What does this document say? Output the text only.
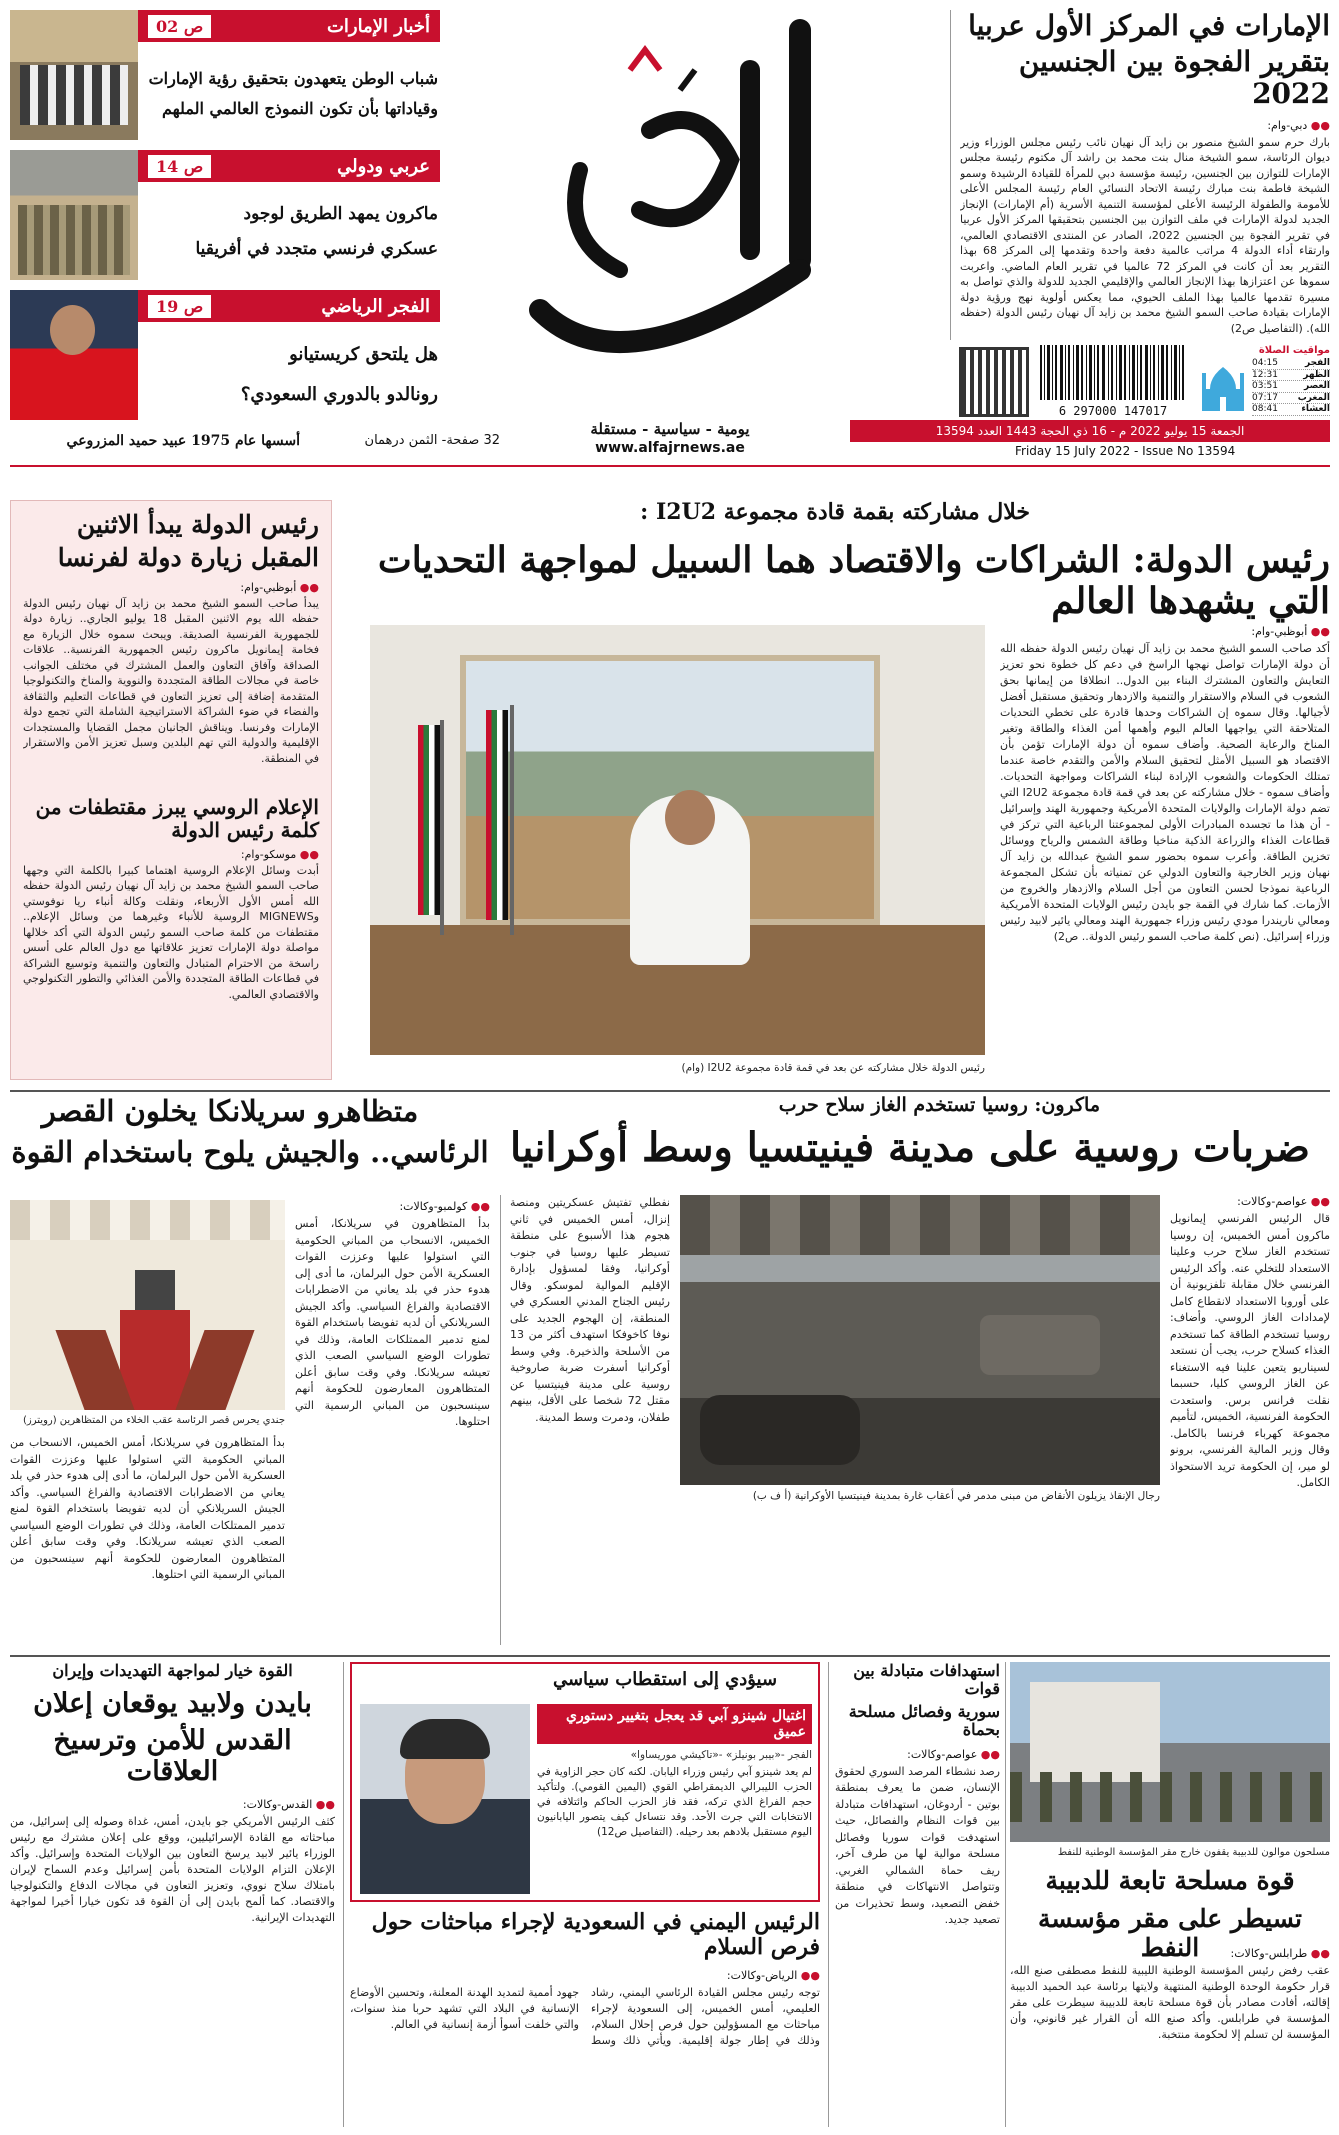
يومية - سياسية - مستقلة
www.alfajrnews.ae
32 صفحة- الثمن درهمان
أسسها عام 1975 عبيد حميد المزروعي
الجمعة 15 يوليو 2022 م - 16 ذي الحجة 1443 العدد 13594
Friday 15 July 2022 - Issue No 13594
6 297000 147017
مواقيت الصلاة
الفجر
04:15
الظهر
12:31
العصر
03:51
المغرب
07:17
العشاء
08:41
الإمارات في المركز الأول عربيا
بتقرير الفجوة بين الجنسين 2022
●● دبي-وام:
بارك حرم سمو الشيخ منصور بن زايد آل نهيان نائب رئيس مجلس الوزراء وزير ديوان الرئاسة، سمو الشيخة منال بنت محمد بن راشد آل مكتوم رئيسة مجلس الإمارات للتوازن بين الجنسين، رئيسة مؤسسة دبي للمرأة للقيادة الرشيدة وسمو الشيخة فاطمة بنت مبارك رئيسة الاتحاد النسائي العام رئيسة المجلس الأعلى للأمومة والطفولة الرئيسة الأعلى لمؤسسة التنمية الأسرية (أم الإمارات) الإنجاز الجديد لدولة الإمارات في ملف التوازن بين الجنسين بتحقيقها المركز الأول عربيا في تقرير الفجوة بين الجنسين 2022، الصادر عن المنتدى الاقتصادي العالمي، وارتقاء أداء الدولة 4 مراتب عالمية دفعة واحدة وتقدمها إلى المركز 68 بهذا التقرير بعد أن كانت في المركز 72 عالميا في تقرير العام الماضي. واعربت سموها عن اعتزازها بهذا الإنجاز العالمي والإقليمي الجديد للدولة والذي تواصل به مسيرة تقدمها عالميا بهذا الملف الحيوي، مما يعكس أولوية نهج ورؤية دولة الإمارات بقيادة صاحب السمو الشيخ محمد بن زايد آل نهيان رئيس الدولة (حفظه الله). (التفاصيل ص2)
أخبار الإمارات
ص 02
شباب الوطن يتعهدون بتحقيق رؤية الإمارات
وقياداتها بأن تكون النموذج العالمي الملهم
عربي ودولي
ص 14
ماكرون يمهد الطريق لوجود
عسكري فرنسي متجدد في أفريقيا
الفجر الرياضي
ص 19
هل يلتحق كريستيانو
رونالدو بالدوري السعودي؟
خلال مشاركته بقمة قادة مجموعة I2U2 :
رئيس الدولة: الشراكات والاقتصاد هما السبيل لمواجهة التحديات التي يشهدها العالم
رئيس الدولة خلال مشاركته عن بعد في قمة قادة مجموعة I2U2 (وام)
●● أبوظبي-وام:
أكد صاحب السمو الشيخ محمد بن زايد آل نهيان رئيس الدولة حفظه الله أن دولة الإمارات تواصل نهجها الراسخ في دعم كل خطوة نحو تعزيز التعايش والتعاون المشترك البناء بين الدول.. انطلاقا من إيمانها بحق الشعوب في السلام والاستقرار والتنمية والازدهار وتحقيق مستقبل أفضل لأجيالها. وقال سموه إن الشراكات وحدها قادرة على تخطي التحديات المتلاحقة التي يواجهها العالم اليوم وأهمها أمن الغذاء والطاقة وتغير المناخ والرعاية الصحية. وأضاف سموه أن دولة الإمارات تؤمن بأن الاقتصاد هو السبيل الأمثل لتحقيق السلام والأمن والتقدم خاصة عندما تمتلك الحكومات والشعوب الإرادة لبناء الشراكات ومواجهة التحديات. وأضاف سموه - خلال مشاركته عن بعد في قمة قادة مجموعة I2U2 التي تضم دولة الإمارات والولايات المتحدة الأمريكية وجمهورية الهند وإسرائيل - أن هذا ما تجسده المبادرات الأولى لمجموعتنا الرباعية التي تركز في قطاعات الغذاء والزراعة الذكية مناخيا وطاقة الشمس والرياح ووسائل تخزين الطاقة. وأعرب سموه بحضور سمو الشيخ عبدالله بن زايد آل نهيان وزير الخارجية والتعاون الدولي عن تمنياته بأن تشكل المجموعة الرباعية نموذجا لحسن التعاون من أجل السلام والازدهار والخروج من الأزمات. كما شارك في القمة جو بايدن رئيس الولايات المتحدة الأمريكية ومعالي ناريندرا مودي رئيس وزراء جمهورية الهند ومعالي يائير لابيد رئيس وزراء إسرائيل. (نص كلمة صاحب السمو رئيس الدولة.. ص2)
رئيس الدولة يبدأ الاثنين
المقبل زيارة دولة لفرنسا
●● أبوظبي-وام:
يبدأ صاحب السمو الشيخ محمد بن زايد آل نهيان رئيس الدولة حفظه الله يوم الاثنين المقبل 18 يوليو الجاري.. زيارة دولة للجمهورية الفرنسية الصديقة. ويبحث سموه خلال الزيارة مع فخامة إيمانويل ماكرون رئيس الجمهورية الفرنسية.. علاقات الصداقة وآفاق التعاون والعمل المشترك في مختلف الجوانب خاصة في مجالات الطاقة المتجددة والنووية والمناخ والتكنولوجيا المتقدمة إضافة إلى تعزيز التعاون في قطاعات التعليم والثقافة والفضاء في ضوء الشراكة الاستراتيجية الشاملة التي تجمع دولة الإمارات وفرنسا. ويناقش الجانبان مجمل القضايا والمستجدات الإقليمية والدولية التي تهم البلدين وسبل تعزيز الأمن والاستقرار في المنطقة.
الإعلام الروسي يبرز مقتطفات من كلمة رئيس الدولة
●● موسكو-وام:
أبدت وسائل الإعلام الروسية اهتماما كبيرا بالكلمة التي وجهها صاحب السمو الشيخ محمد بن زايد آل نهيان رئيس الدولة حفظه الله أمس الأول الأربعاء، ونقلت وكالة أنباء ريا نوفوستي وMIGNEWS الروسية للأنباء وغيرهما من وسائل الإعلام.. مقتطفات من كلمة صاحب السمو رئيس الدولة التي أكد خلالها مواصلة دولة الإمارات تعزيز علاقاتها مع دول العالم على أسس راسخة من الاحترام المتبادل والتعاون والتنمية وتوسيع الشراكة في قطاعات الطاقة المتجددة والأمن الغذائي والتطور التكنولوجي والاقتصادي العالمي.
ماكرون: روسيا تستخدم الغاز سلاح حرب
ضربات روسية على مدينة فينيتسيا وسط أوكرانيا
●● عواصم-وكالات:
قال الرئيس الفرنسي إيمانويل ماكرون أمس الخميس، إن روسيا تستخدم الغاز سلاح حرب وعلينا الاستعداد للتخلي عنه. وأكد الرئيس الفرنسي خلال مقابلة تلفزيونية أن على أوروبا الاستعداد لانقطاع كامل لإمدادات الغاز الروسي. وأضاف: روسيا تستخدم الطاقة كما تستخدم الغذاء كسلاح حرب، يجب أن نستعد لسيناريو يتعين علينا فيه الاستغناء عن الغاز الروسي كليا، حسبما نقلت فرانس برس. واستعدت الحكومة الفرنسية، الخميس، لتأميم مجموعة كهرباء فرنسا بالكامل. وقال وزير المالية الفرنسي، برونو لو مير، إن الحكومة تريد الاستحواذ الكامل.
رجال الإنقاذ يزيلون الأنقاض من مبنى مدمر في أعقاب غارة بمدينة فينيتسيا الأوكرانية (أ ف ب)
نفطلي تفتيش عسكريتين ومنصة إنزال، أمس الخميس في ثاني هجوم هذا الأسبوع على منطقة تسيطر عليها روسيا في جنوب أوكرانيا، وفقا لمسؤول بإدارة الإقليم الموالية لموسكو. وقال رئيس الجناح المدني العسكري في المنطقة، إن الهجوم الجديد على نوفا كاخوفكا استهدف أكثر من 13 من الأسلحة والذخيرة. وفي وسط أوكرانيا أسفرت ضربة صاروخية روسية على مدينة فينيتسيا عن مقتل 72 شخصا على الأقل، بينهم طفلان، ودمرت وسط المدينة.
متظاهرو سريلانكا يخلون القصر
الرئاسي.. والجيش يلوح باستخدام القوة
جندي يحرس قصر الرئاسة عقب الخلاء من المتظاهرين (رويترز)
●● كولمبو-وكالات:
بدأ المتظاهرون في سريلانكا، أمس الخميس، الانسحاب من المباني الحكومية التي استولوا عليها وعززت القوات العسكرية الأمن حول البرلمان، ما أدى إلى هدوء حذر في بلد يعاني من الاضطرابات الاقتصادية والفراغ السياسي. وأكد الجيش السريلانكي أن لديه تفويضا باستخدام القوة لمنع تدمير الممتلكات العامة، وذلك في تطورات الوضع السياسي الصعب الذي تعيشه سريلانكا. وفي وقت سابق أعلن المتظاهرون المعارضون للحكومة أنهم سينسحبون من المباني الرسمية التي احتلوها.
بدأ المتظاهرون في سريلانكا، أمس الخميس، الانسحاب من المباني الحكومية التي استولوا عليها وعززت القوات العسكرية الأمن حول البرلمان، ما أدى إلى هدوء حذر في بلد يعاني من الاضطرابات الاقتصادية والفراغ السياسي. وأكد الجيش السريلانكي أن لديه تفويضا باستخدام القوة لمنع تدمير الممتلكات العامة، وذلك في تطورات الوضع السياسي الصعب الذي تعيشه سريلانكا. وفي وقت سابق أعلن المتظاهرون المعارضون للحكومة أنهم سينسحبون من المباني الرسمية التي احتلوها.
القوة خيار لمواجهة التهديدات وإيران
بايدن ولابيد يوقعان إعلان
القدس للأمن وترسيخ العلاقات
●● القدس-وكالات:
كثف الرئيس الأمريكي جو بايدن، أمس، غداة وصوله إلى إسرائيل، من مباحثاته مع القادة الإسرائيليين، ووقع على إعلان مشترك مع رئيس الوزراء يائير لابيد يرسخ التعاون بين الولايات المتحدة وإسرائيل. وأكد الإعلان التزام الولايات المتحدة بأمن إسرائيل وعدم السماح لإيران بامتلاك سلاح نووي، وتعزيز التعاون في مجالات الدفاع والتكنولوجيا والاقتصاد. كما ألمح بايدن إلى أن القوة قد تكون خيارا أخيرا لمواجهة التهديدات الإيرانية.
سيؤدي إلى استقطاب سياسي
اغتيال شينزو آبي قد يعجل بتغيير دستوري عميق
الفجر -«بيبر بونيلز» -«تاكيشي موريساوا»
لم يعد شينزو آبي رئيس وزراء اليابان. لكنه كان حجر الزاوية في الحزب الليبرالي الديمقراطي القوي (اليمين القومي). ولتأكيد حجم الفراغ الذي تركه، فقد فاز الحزب الحاكم وائتلافه في الانتخابات التي جرت الأحد. وقد نتساءل كيف يتصور اليابانيون اليوم مستقبل بلادهم بعد رحيله. (التفاصيل ص12)
الرئيس اليمني في السعودية لإجراء مباحثات حول فرص السلام
●● الرياض-وكالات:
توجه رئيس مجلس القيادة الرئاسي اليمني، رشاد العليمي، أمس الخميس، إلى السعودية لإجراء مباحثات مع المسؤولين حول فرص إحلال السلام، وذلك في إطار جولة إقليمية. ويأتي ذلك وسط جهود أممية لتمديد الهدنة المعلنة، وتحسين الأوضاع الإنسانية في البلاد التي تشهد حربا منذ سنوات، والتي خلفت أسوأ أزمة إنسانية في العالم.
استهدافات متبادلة بين قوات
سورية وفصائل مسلحة بحماة
●● عواصم-وكالات:
رصد نشطاء المرصد السوري لحقوق الإنسان، ضمن ما يعرف بمنطقة بوتين - أردوغان، استهدافات متبادلة بين قوات النظام والفصائل، حيث استهدفت قوات سوريا وفصائل مسلحة موالية لها من طرف آخر، ريف حماة الشمالي الغربي. وتتواصل الانتهاكات في منطقة خفض التصعيد، وسط تحذيرات من تصعيد جديد.
مسلحون موالون للدبيبة يقفون خارج مقر المؤسسة الوطنية للنفط
قوة مسلحة تابعة للدبيبة
تسيطر على مقر مؤسسة النفط	●● طرابلس-وكالات:
عقب رفض رئيس المؤسسة الوطنية الليبية للنفط مصطفى صنع الله، قرار حكومة الوحدة الوطنية المنتهية ولايتها برئاسة عبد الحميد الدبيبة إقالته، أفادت مصادر بأن قوة مسلحة تابعة للدبيبة سيطرت على مقر المؤسسة في طرابلس. وأكد صنع الله أن القرار غير قانوني، وأن المؤسسة لن تسلم إلا لحكومة منتخبة.
